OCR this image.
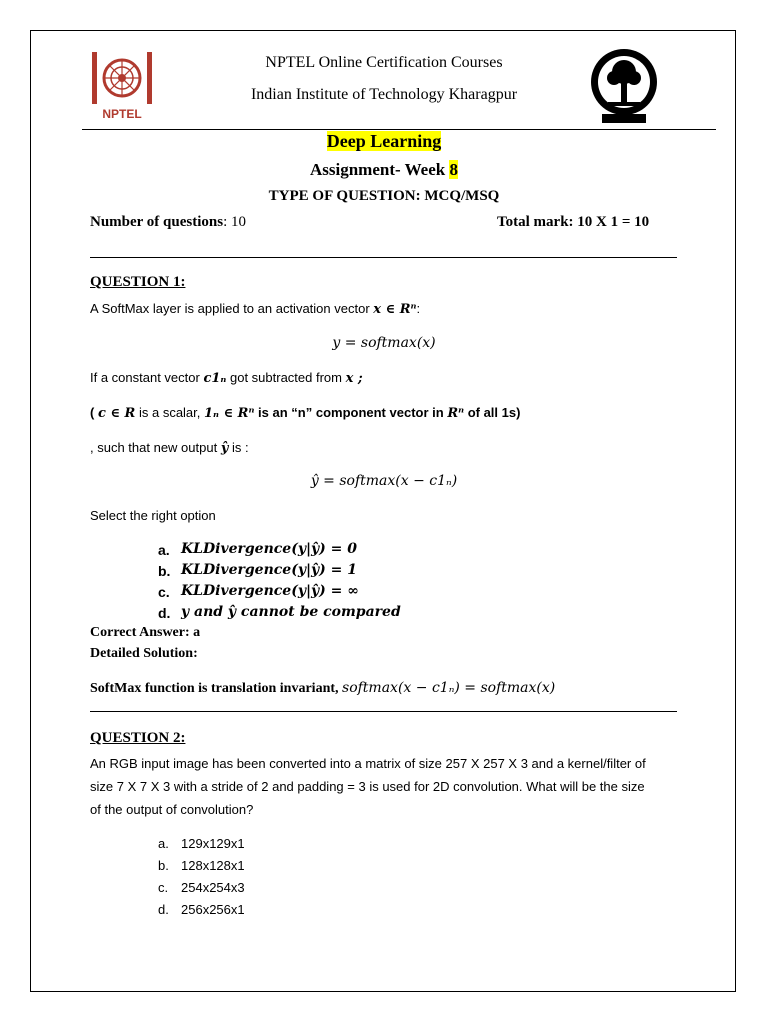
NPTEL
NPTEL Online Certification Courses
Indian Institute of Technology Kharagpur
Deep Learning
Assignment- Week 8
TYPE OF QUESTION: MCQ/MSQ
Number of questions: 10	Total mark: 10 X 1 = 10
QUESTION 1:
A SoftMax layer is applied to an activation vector x ∈ Rⁿ:
y = softmax(x)
If a constant vector c1ₙ got subtracted from x ;
( c ∈ R is a scalar, 1ₙ ∈ Rⁿ is an “n” component vector in Rⁿ of all 1s)
, such that new output ŷ is :
ŷ = softmax(x − c1ₙ)
Select the right option
a. KLDivergence(y|ŷ) = 0
b. KLDivergence(y|ŷ) = 1
c. KLDivergence(y|ŷ) = ∞
d. y and ŷ cannot be compared
Correct Answer: a
Detailed Solution:
SoftMax function is translation invariant, softmax(x − c1ₙ) = softmax(x)
QUESTION 2:
An RGB input image has been converted into a matrix of size 257 X 257 X 3 and a kernel/filter of
size 7 X 7 X 3 with a stride of 2 and padding = 3 is used for 2D convolution. What will be the size
of the output of convolution?
a. 129x129x1
b. 128x128x1
c. 254x254x3
d. 256x256x1
